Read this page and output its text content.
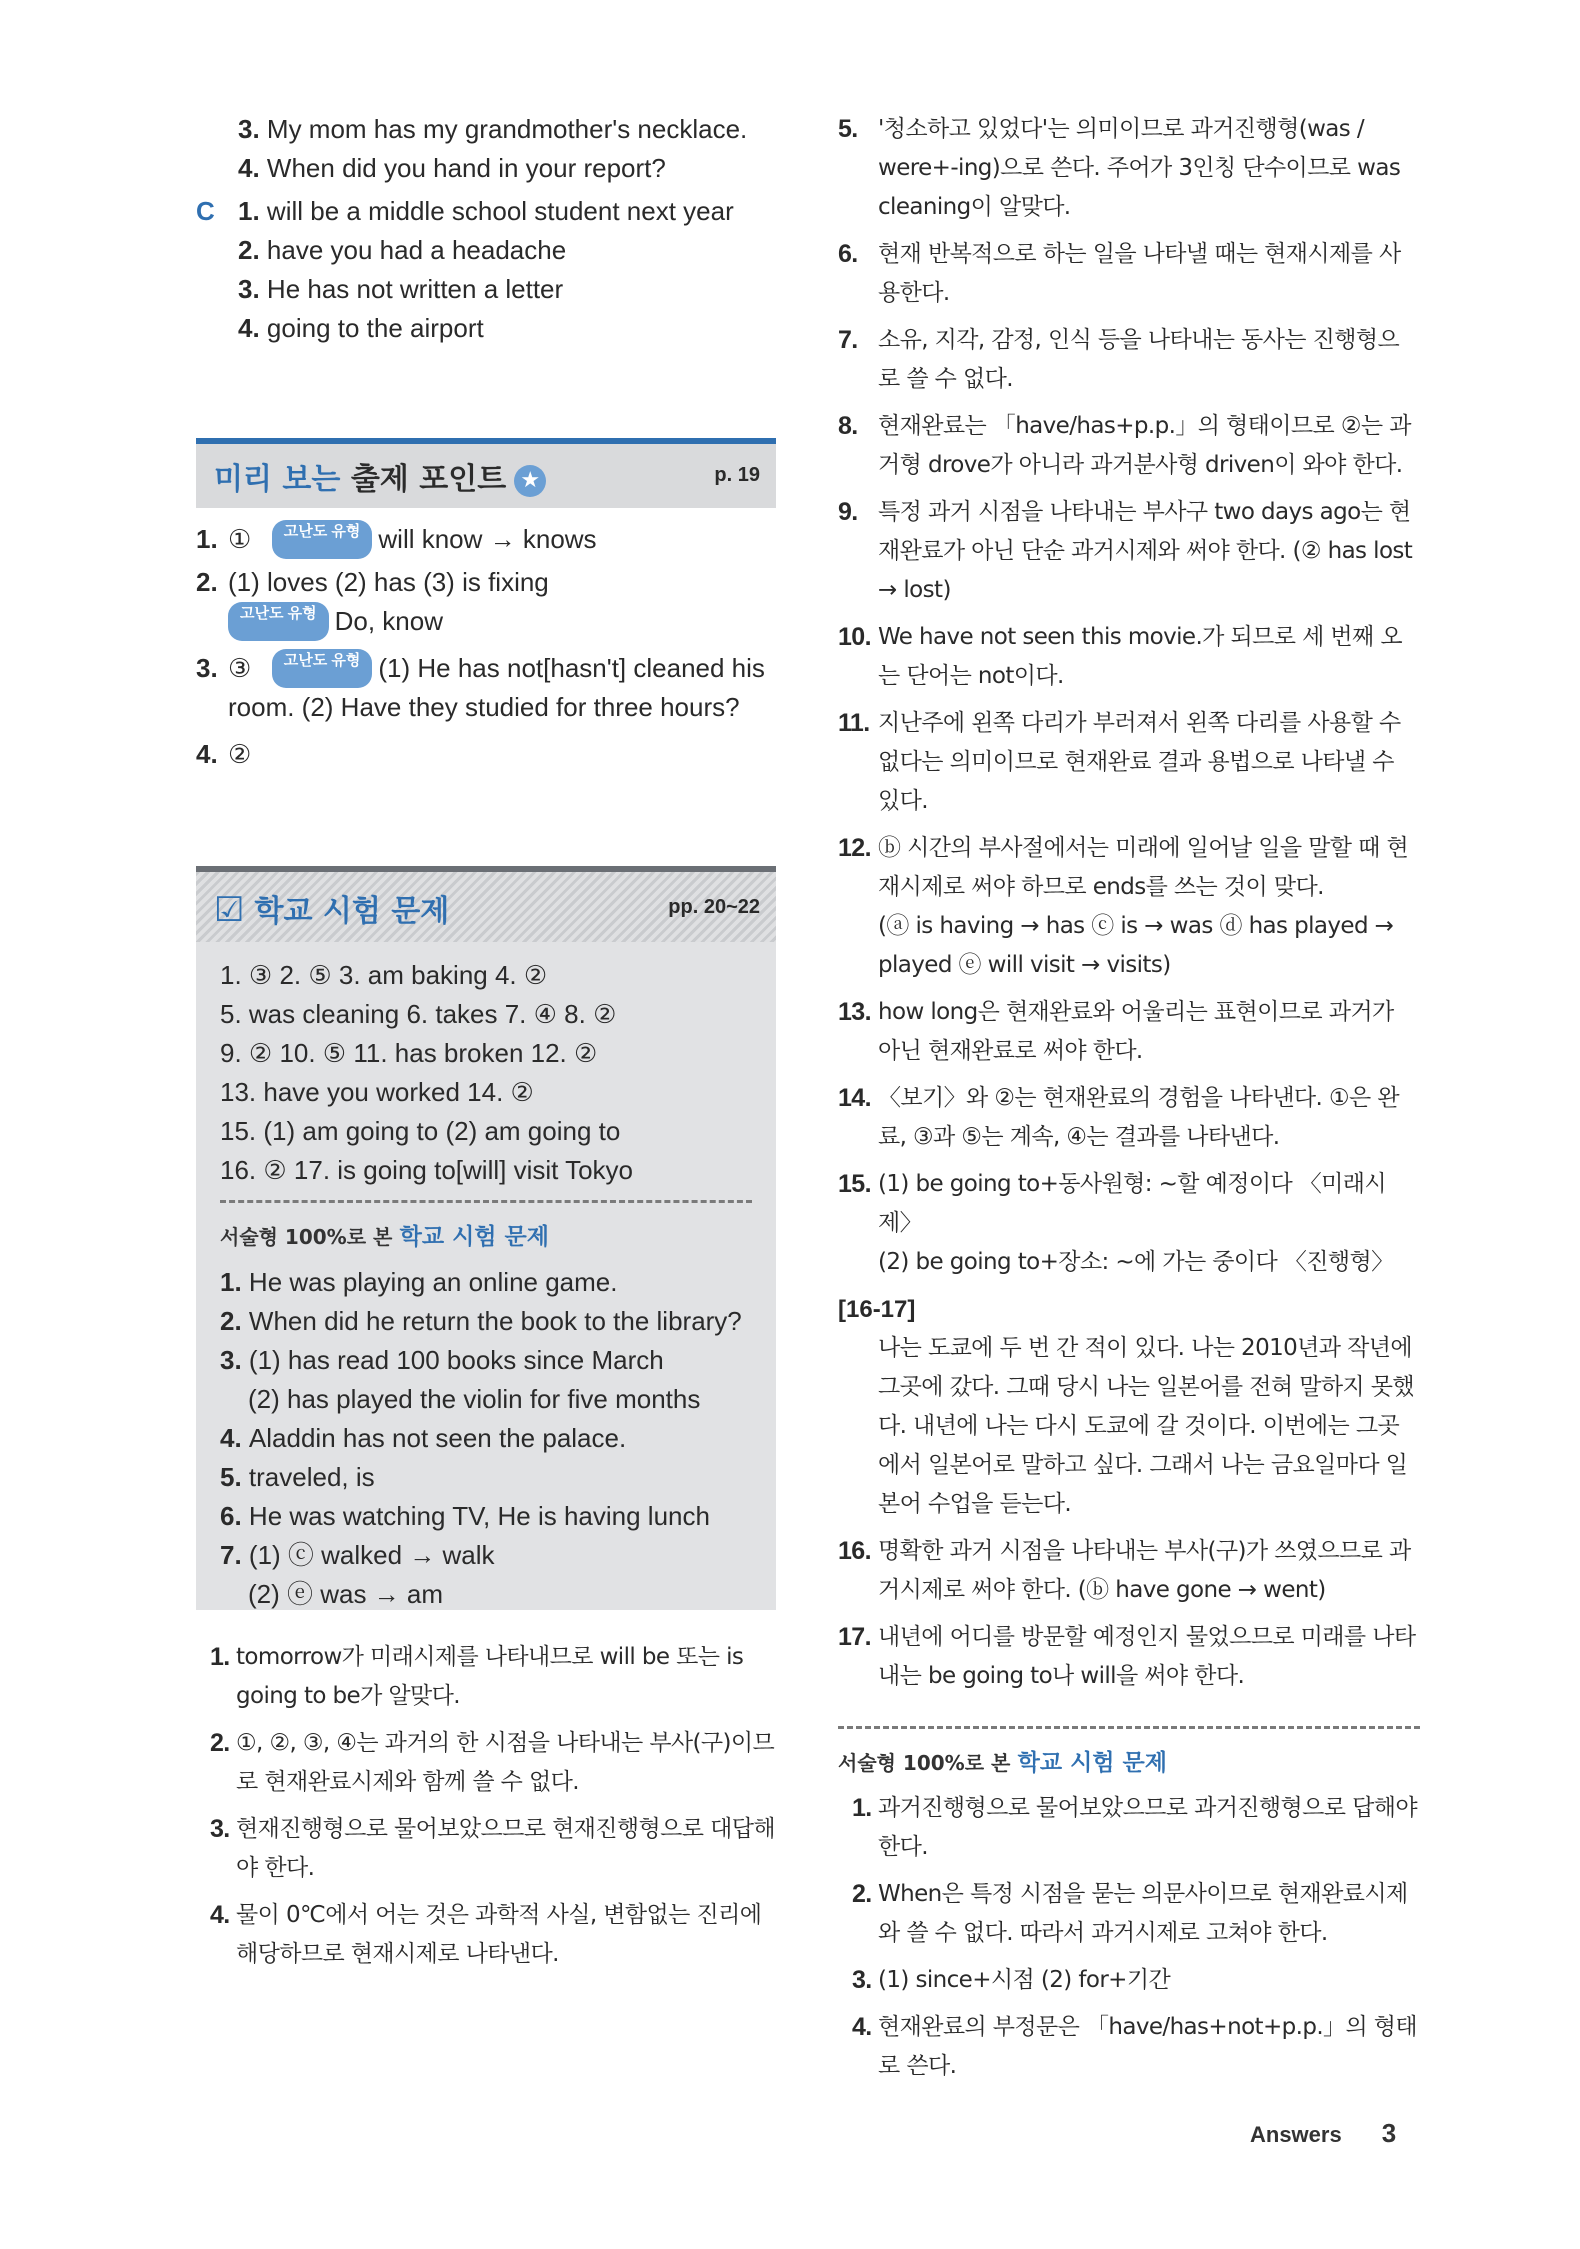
3.
My mom has my grandmother's necklace.
4.
When did you hand in your report?
C 1.
will be a middle school student next year
2.
have you had a headache
3.
He has not written a letter
4.
going to the airport
미리 보는 출제 포인트 ★	p. 19
1. ①
	고난도 유형 will know → knows
2. (1) loves (2) has (3) is fixing
고난도 유형 Do, know
3. ③
	고난도 유형 (1) He has not[hasn't] cleaned his
room. (2) Have they studied for three hours?
4. ②
☑ 학교 시험 문제	pp. 20~22
1. ③ 2. ⑤ 3. am baking 4. ②
5. was cleaning 6. takes 7. ④ 8. ②
9. ② 10. ⑤ 11. has broken 12. ②
13. have you worked 14. ②
15. (1) am going to (2) am going to
16. ② 17. is going to[will] visit Tokyo
서술형 100%로 본 학교 시험 문제
1.
He was playing an online game.
2.
When did he return the book to the library?
3.
(1) has read 100 books since March
(2) has played the violin for five months
4.
Aladdin has not seen the palace.
5.
traveled, is
6.
He was watching TV, He is having lunch
7.
(1) ⓒ walked → walk
(2) ⓔ was → am
1. tomorrow가 미래시제를 나타내므로 will be 또는 is going to be가 알맞다.
2. ①, ②, ③, ④는 과거의 한 시점을 나타내는 부사(구)이므로 현재완료시제와 함께 쓸 수 없다.
3. 현재진행형으로 물어보았으므로 현재진행형으로 대답해야 한다.
4. 물이 0℃에서 어는 것은 과학적 사실, 변함없는 진리에 해당하므로 현재시제로 나타낸다.
5. '청소하고 있었다'는 의미이므로 과거진행형(was / were+-ing)으로 쓴다. 주어가 3인칭 단수이므로 was cleaning이 알맞다.
6. 현재 반복적으로 하는 일을 나타낼 때는 현재시제를 사용한다.
7. 소유, 지각, 감정, 인식 등을 나타내는 동사는 진행형으로 쓸 수 없다.
8. 현재완료는 「have/has+p.p.」의 형태이므로 ②는 과거형 drove가 아니라 과거분사형 driven이 와야 한다.
9. 특정 과거 시점을 나타내는 부사구 two days ago는 현재완료가 아닌 단순 과거시제와 써야 한다. (② has lost → lost)
10. We have not seen this movie.가 되므로 세 번째 오는 단어는 not이다.
11. 지난주에 왼쪽 다리가 부러져서 왼쪽 다리를 사용할 수 없다는 의미이므로 현재완료 결과 용법으로 나타낼 수 있다.
12. ⓑ 시간의 부사절에서는 미래에 일어날 일을 말할 때 현재시제로 써야 하므로 ends를 쓰는 것이 맞다.
(ⓐ is having → has ⓒ is → was ⓓ has played → played ⓔ will visit → visits)
13. how long은 현재완료와 어울리는 표현이므로 과거가 아닌 현재완료로 써야 한다.
14. 〈보기〉와 ②는 현재완료의 경험을 나타낸다. ①은 완료, ③과 ⑤는 계속, ④는 결과를 나타낸다.
15. (1) be going to+동사원형: ~할 예정이다 〈미래시제〉
(2) be going to+장소: ~에 가는 중이다 〈진행형〉
[16-17]
나는 도쿄에 두 번 간 적이 있다. 나는 2010년과 작년에 그곳에 갔다. 그때 당시 나는 일본어를 전혀 말하지 못했다. 내년에 나는 다시 도쿄에 갈 것이다. 이번에는 그곳에서 일본어로 말하고 싶다. 그래서 나는 금요일마다 일본어 수업을 듣는다.
16. 명확한 과거 시점을 나타내는 부사(구)가 쓰였으므로 과거시제로 써야 한다. (ⓑ have gone → went)
17. 내년에 어디를 방문할 예정인지 물었으므로 미래를 나타내는 be going to나 will을 써야 한다.
서술형 100%로 본 학교 시험 문제
1. 과거진행형으로 물어보았으므로 과거진행형으로 답해야 한다.
2. When은 특정 시점을 묻는 의문사이므로 현재완료시제와 쓸 수 없다. 따라서 과거시제로 고쳐야 한다.
3. (1) since+시점 (2) for+기간
4. 현재완료의 부정문은 「have/has+not+p.p.」의 형태로 쓴다.
Answers 3
